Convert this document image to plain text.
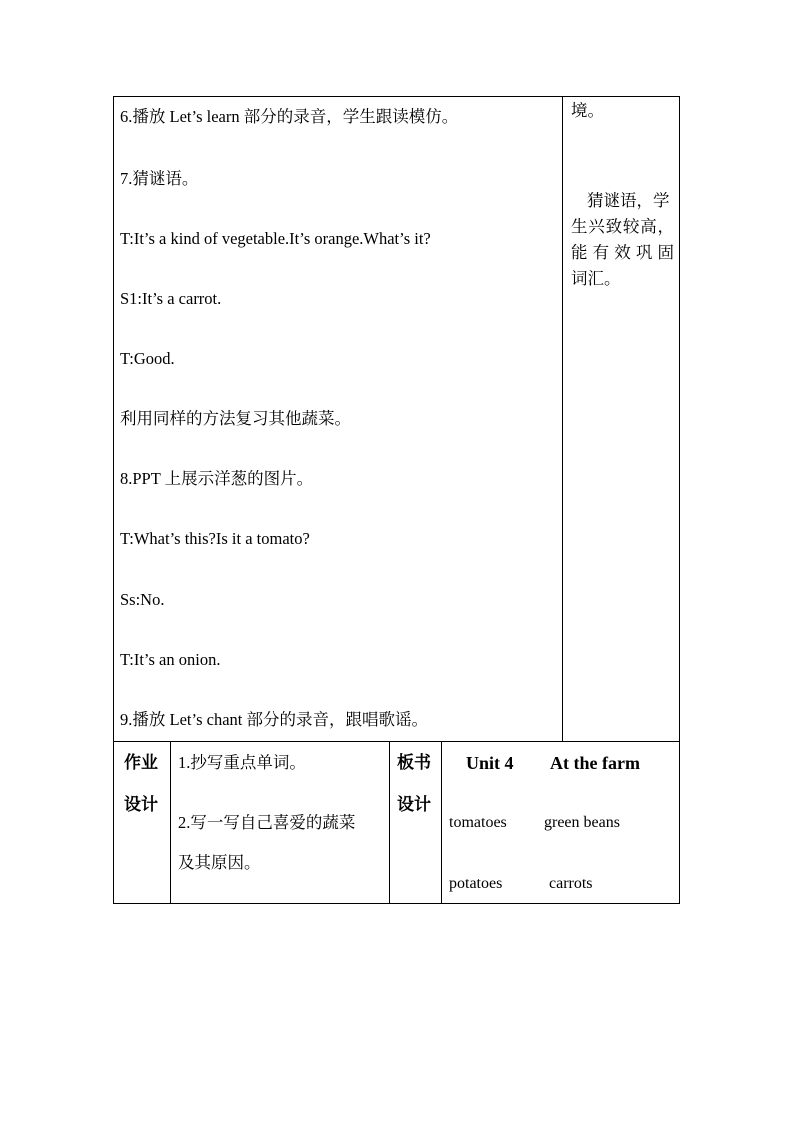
6.播放 Let’s learn 部分的录音，学生跟读模仿。
7.猜谜语。
T:It’s a kind of vegetable.It’s orange.What’s it?
S1:It’s a carrot.
T:Good.
利用同样的方法复习其他蔬菜。
8.PPT 上展示洋葱的图片。
T:What’s this?Is it a tomato?
Ss:No.
T:It’s an onion.
9.播放 Let’s chant 部分的录音，跟唱歌谣。
境。
猜谜语，学
生兴致较高，
能有效巩固
词汇。
作业
设计
1.抄写重点单词。
2.写一写自己喜爱的蔬菜
及其原因。
板书
设计
Unit 4 At the farm
tomatoes green beans
potatoes	carrots
